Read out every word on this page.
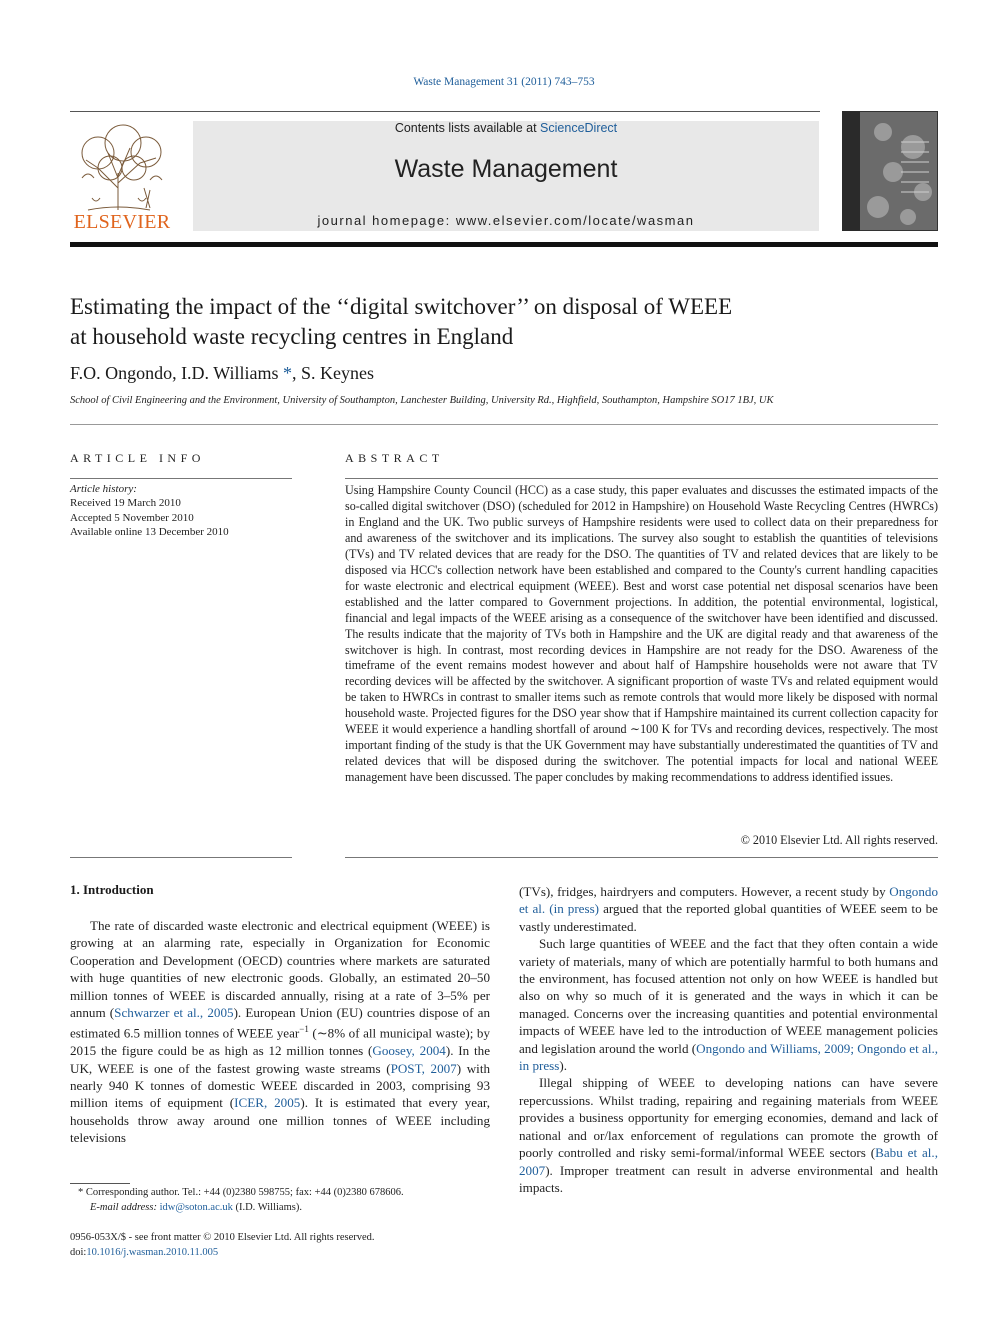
Waste Management 31 (2011) 743–753
ELSEVIER
Contents lists available at ScienceDirect
Waste Management
journal homepage: www.elsevier.com/locate/wasman
Estimating the impact of the ‘‘digital switchover’’ on disposal of WEEE
at household waste recycling centres in England
F.O. Ongondo, I.D. Williams *, S. Keynes
School of Civil Engineering and the Environment, University of Southampton, Lanchester Building, University Rd., Highfield, Southampton, Hampshire SO17 1BJ, UK
ARTICLE INFO	ABSTRACT
Article history:
Received 19 March 2010
Accepted 5 November 2010
Available online 13 December 2010
Using Hampshire County Council (HCC) as a case study, this paper evaluates and discusses the estimated impacts of the so-called digital switchover (DSO) (scheduled for 2012 in Hampshire) on Household Waste Recycling Centres (HWRCs) in England and the UK. Two public surveys of Hampshire residents were used to collect data on their preparedness for and awareness of the switchover and its implications. The survey also sought to establish the quantities of televisions (TVs) and TV related devices that are ready for the DSO. The quantities of TV and related devices that are likely to be disposed via HCC's collection network have been established and compared to the County's current handling capacities for waste electronic and electrical equipment (WEEE). Best and worst case potential net disposal scenarios have been established and the latter compared to Government projections. In addition, the potential environmental, logistical, financial and legal impacts of the WEEE arising as a consequence of the switchover have been identified and discussed. The results indicate that the majority of TVs both in Hampshire and the UK are digital ready and that awareness of the switchover is high. In contrast, most recording devices in Hampshire are not ready for the DSO. Awareness of the timeframe of the event remains modest however and about half of Hampshire households were not aware that TV recording devices will be affected by the switchover. A significant proportion of waste TVs and related equipment would be taken to HWRCs in contrast to smaller items such as remote controls that would more likely be disposed with normal household waste. Projected figures for the DSO year show that if Hampshire maintained its current collection capacity for WEEE it would experience a handling shortfall of around ∼100 K for TVs and recording devices, respectively. The most important finding of the study is that the UK Government may have substantially underestimated the quantities of TV and related devices that will be disposed during the switchover. The potential impacts for local and national WEEE management have been discussed. The paper concludes by making recommendations to address identified issues.
© 2010 Elsevier Ltd. All rights reserved.
1. Introduction

The rate of discarded waste electronic and electrical equipment (WEEE) is growing at an alarming rate, especially in Organization for Economic Cooperation and Development (OECD) countries where markets are saturated with huge quantities of new electronic goods. Globally, an estimated 20–50 million tonnes of WEEE is discarded annually, rising at a rate of 3–5% per annum (Schwarzer et al., 2005). European Union (EU) countries dispose of an estimated 6.5 million tonnes of WEEE year$^{-1}$ (∼8% of all municipal waste); by 2015 the figure could be as high as 12 million tonnes (Goosey, 2004). In the UK, WEEE is one of the fastest growing waste streams (POST, 2007) with nearly 940 K tonnes of domestic WEEE discarded in 2003, comprising 93 million items of equipment (ICER, 2005). It is estimated that every year, households throw away around one million tonnes of WEEE including televisions

(TVs), fridges, hairdryers and computers. However, a recent study by Ongondo et al. (in press) argued that the reported global quantities of WEEE seem to be vastly underestimated.

Such large quantities of WEEE and the fact that they often contain a wide variety of materials, many of which are potentially harmful to both humans and the environment, has focused attention not only on how WEEE is handled but also on why so much of it is generated and the ways in which it can be managed. Concerns over the increasing quantities and potential environmental impacts of WEEE have led to the introduction of WEEE management policies and legislation around the world (Ongondo and Williams, 2009; Ongondo et al., in press).

Illegal shipping of WEEE to developing nations can have severe repercussions. Whilst trading, repairing and regaining materials from WEEE provides a business opportunity for emerging economies, demand and lack of national and or/lax enforcement of regulations can promote the growth of poorly controlled and risky semi-formal/informal WEEE sectors (Babu et al., 2007). Improper treatment can result in adverse environmental and health impacts.

* Corresponding author. Tel.: +44 (0)2380 598755; fax: +44 (0)2380 678606.
E-mail address: idw@soton.ac.uk (I.D. Williams).
0956-053X/$ - see front matter © 2010 Elsevier Ltd. All rights reserved.
doi:10.1016/j.wasman.2010.11.005
